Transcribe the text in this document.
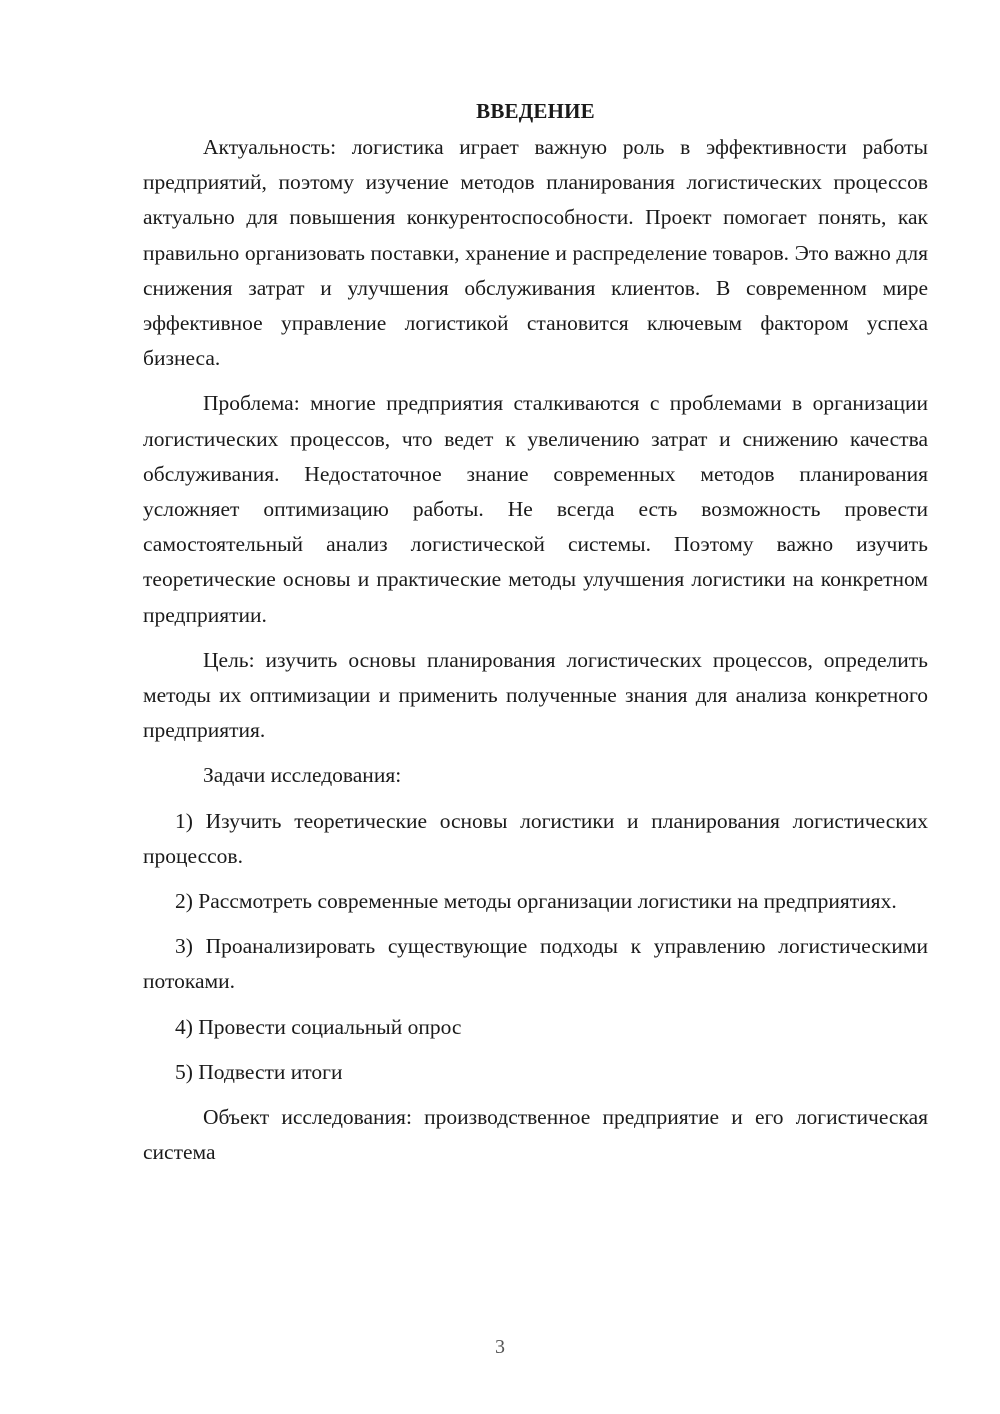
ВВЕДЕНИЕ

Актуальность: логистика играет важную роль в эффективности работы предприятий, поэтому изучение методов планирования логистических процессов актуально для повышения конкурентоспособности. Проект помогает понять, как правильно организовать поставки, хранение и распределение товаров. Это важно для снижения затрат и улучшения обслуживания клиентов. В современном мире эффективное управление логистикой становится ключевым фактором успеха бизнеса.

Проблема: многие предприятия сталкиваются с проблемами в организации логистических процессов, что ведет к увеличению затрат и снижению качества обслуживания. Недостаточное знание современных методов планирования усложняет оптимизацию работы. Не всегда есть возможность провести самостоятельный анализ логистической системы. Поэтому важно изучить теоретические основы и практические методы улучшения логистики на конкретном предприятии.

Цель: изучить основы планирования логистических процессов, определить методы их оптимизации и применить полученные знания для анализа конкретного предприятия.

Задачи исследования:

1) Изучить теоретические основы логистики и планирования логистических процессов.

2) Рассмотреть современные методы организации логистики на предприятиях.

3) Проанализировать существующие подходы к управлению логистическими потоками.

4) Провести социальный опрос

5) Подвести итоги

Объект исследования: производственное предприятие и его логистическая система

3
